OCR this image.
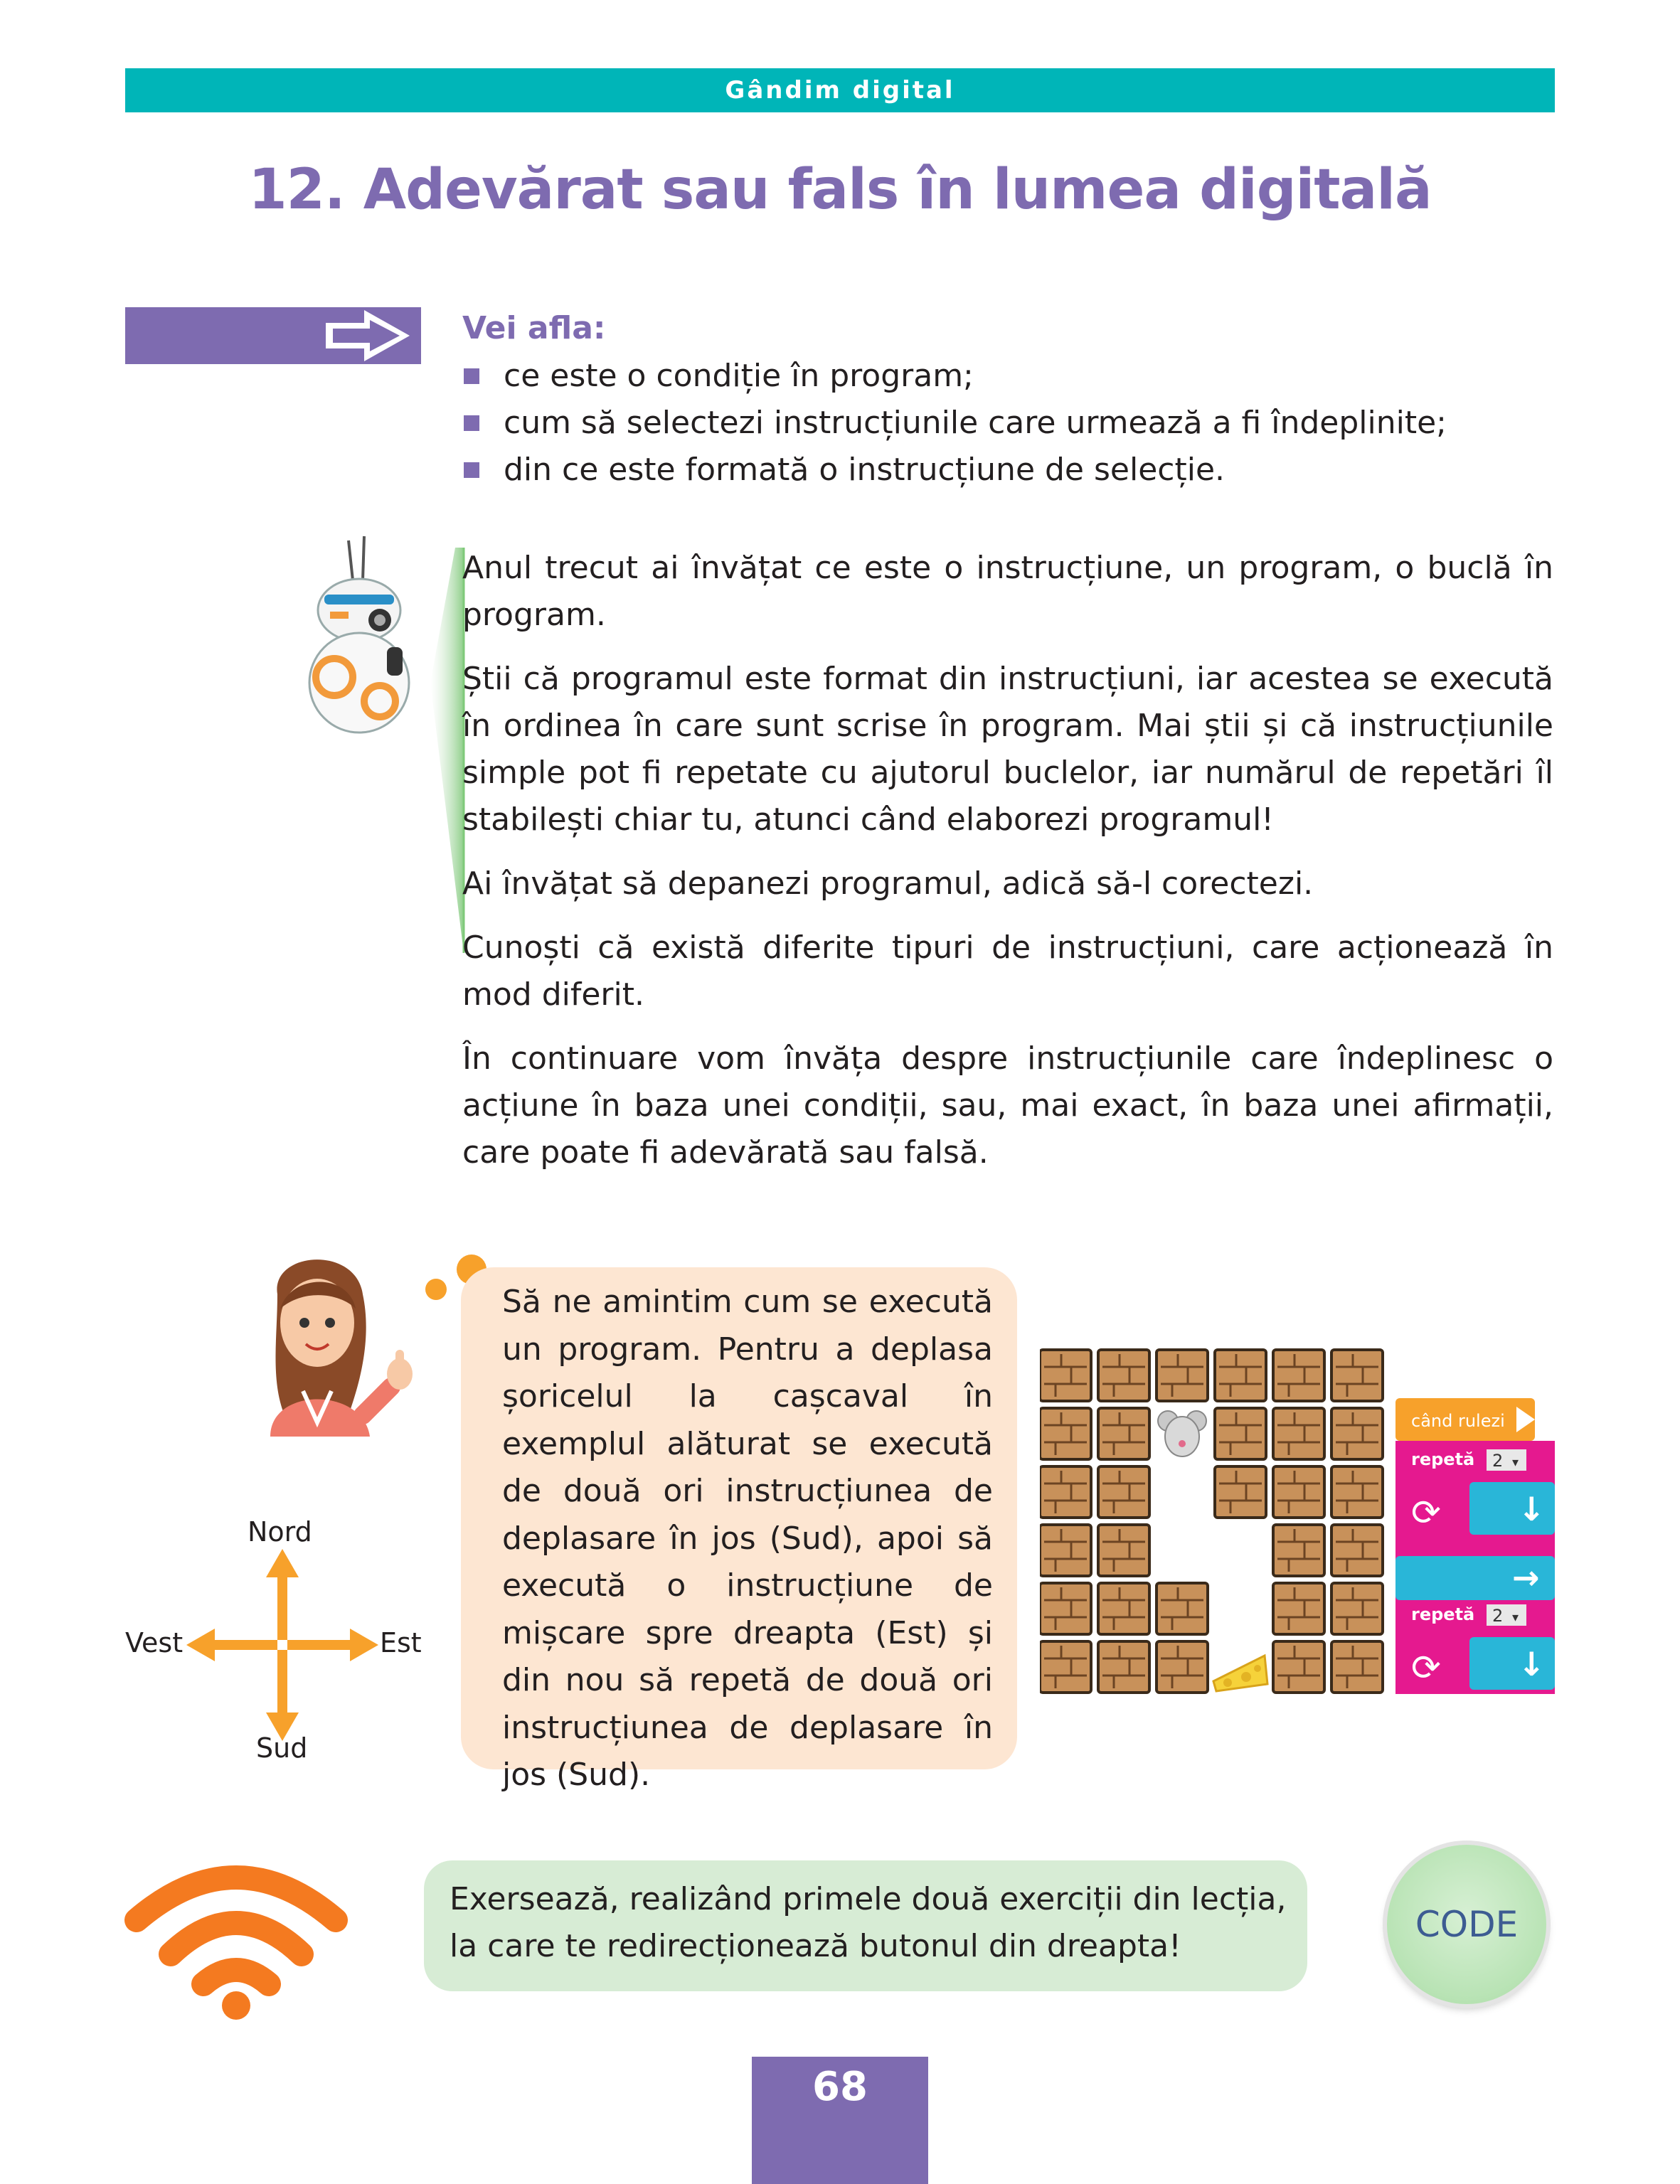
Gândim digital
12. Adevărat sau fals în lumea digitală
Vei afla:
ce este o condiție în program;
cum să selectezi instrucțiunile care urmează a fi îndeplinite;
din ce este formată o instrucțiune de selecție.

Anul trecut ai învățat ce este o instrucțiune, un program, o buclă în program.

Știi că programul este format din instrucțiuni, iar acestea se execută în ordinea în care sunt scrise în program. Mai știi și că instrucțiunile simple pot fi repetate cu ajutorul buclelor, iar numărul de repetări îl stabilești chiar tu, atunci când elaborezi programul!

Ai învățat să depanezi programul, adică să-l corectezi.

Cunoști că există diferite tipuri de instrucțiuni, care acționează în mod diferit.

În continuare vom învăța despre instrucțiunile care îndeplinesc o acțiune în baza unei condiții, sau, mai exact, în baza unei afirmații, care poate fi adevărată sau falsă.

Să ne amintim cum se execută un program. Pentru a deplasa șoricelul la cașcaval în exemplul alăturat se execută de două ori instrucțiunea de deplasare în jos (Sud), apoi să execută o instrucțiune de mișcare spre dreapta (Est) și din nou să repetă de două ori instrucțiunea de deplasare în jos (Sud).
Nord
Sud
Vest	Est
când rulezi
repetă 2 ▾
⟳ ↓
→
repetă 2 ▾
⟳ ↓
Exersează, realizând primele două exerciții din lecția, la care te redirecționează butonul din dreapta!
CODE
68
